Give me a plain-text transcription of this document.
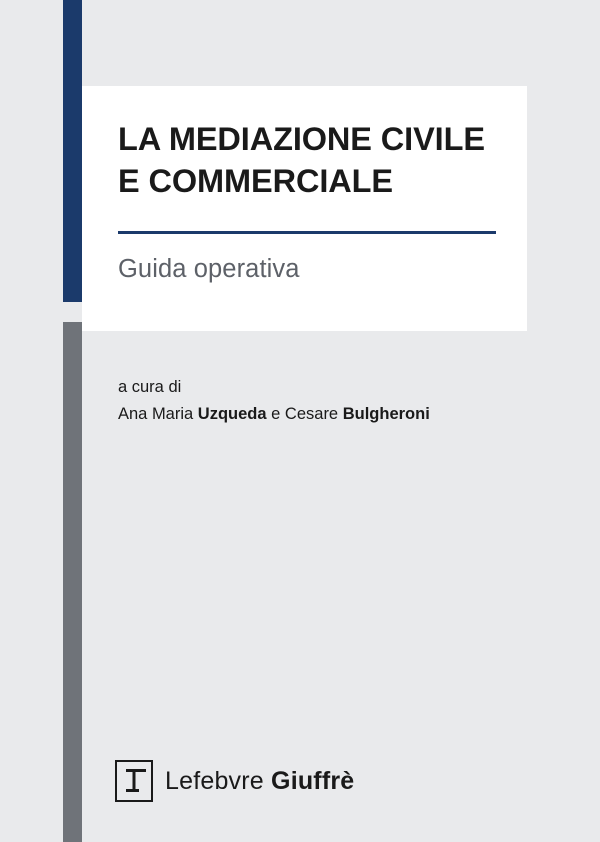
LA MEDIAZIONE CIVILE
E COMMERCIALE
Guida operativa
a cura di
Ana Maria Uzqueda e Cesare Bulgheroni
Lefebvre Giuffrè
